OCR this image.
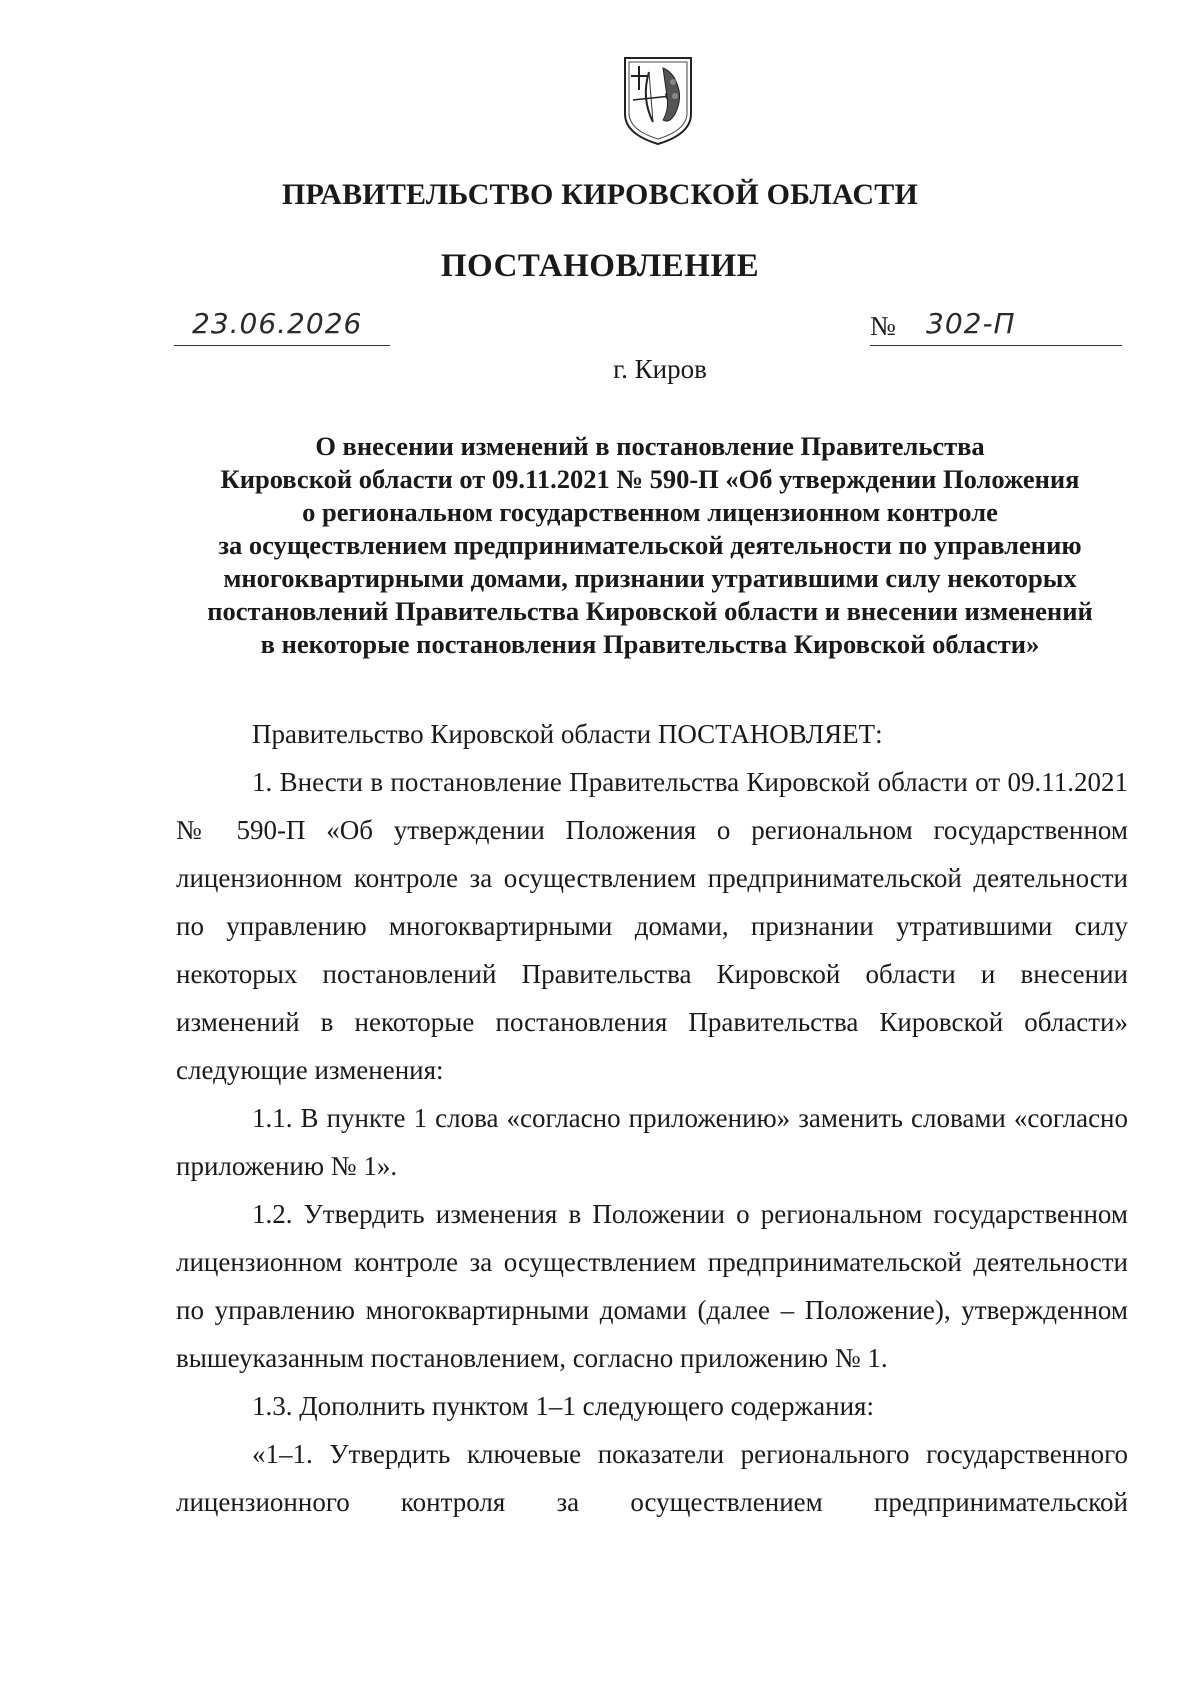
ПРАВИТЕЛЬСТВО КИРОВСКОЙ ОБЛАСТИ
ПОСТАНОВЛЕНИЕ
23.06.2026	№ 302-П
г. Киров
О внесении изменений в постановление Правительства
Кировской области от 09.11.2021 № 590-П «Об утверждении Положения
о региональном государственном лицензионном контроле
за осуществлением предпринимательской деятельности по управлению
многоквартирными домами, признании утратившими силу некоторых
постановлений Правительства Кировской области и внесении изменений
в некоторые постановления Правительства Кировской области»

Правительство Кировской области ПОСТАНОВЛЯЕТ:

1. Внести в постановление Правительства Кировской области от 09.11.2021 № 590-П «Об утверждении Положения о региональном государственном лицензионном контроле за осуществлением предпринимательской деятельности по управлению многоквартирными домами, признании утратившими силу некоторых постановлений Правительства Кировской области и внесении изменений в некоторые постановления Правительства Кировской области» следующие изменения:

1.1. В пункте 1 слова «согласно приложению» заменить словами «согласно приложению № 1».

1.2. Утвердить изменения в Положении о региональном государственном лицензионном контроле за осуществлением предпринимательской деятельности по управлению многоквартирными домами (далее – Положение), утвержденном вышеуказанным постановлением, согласно приложению № 1.

1.3. Дополнить пунктом 1–1 следующего содержания:

«1–1. Утвердить ключевые показатели регионального государственного лицензионного контроля за осуществлением предпринимательской
